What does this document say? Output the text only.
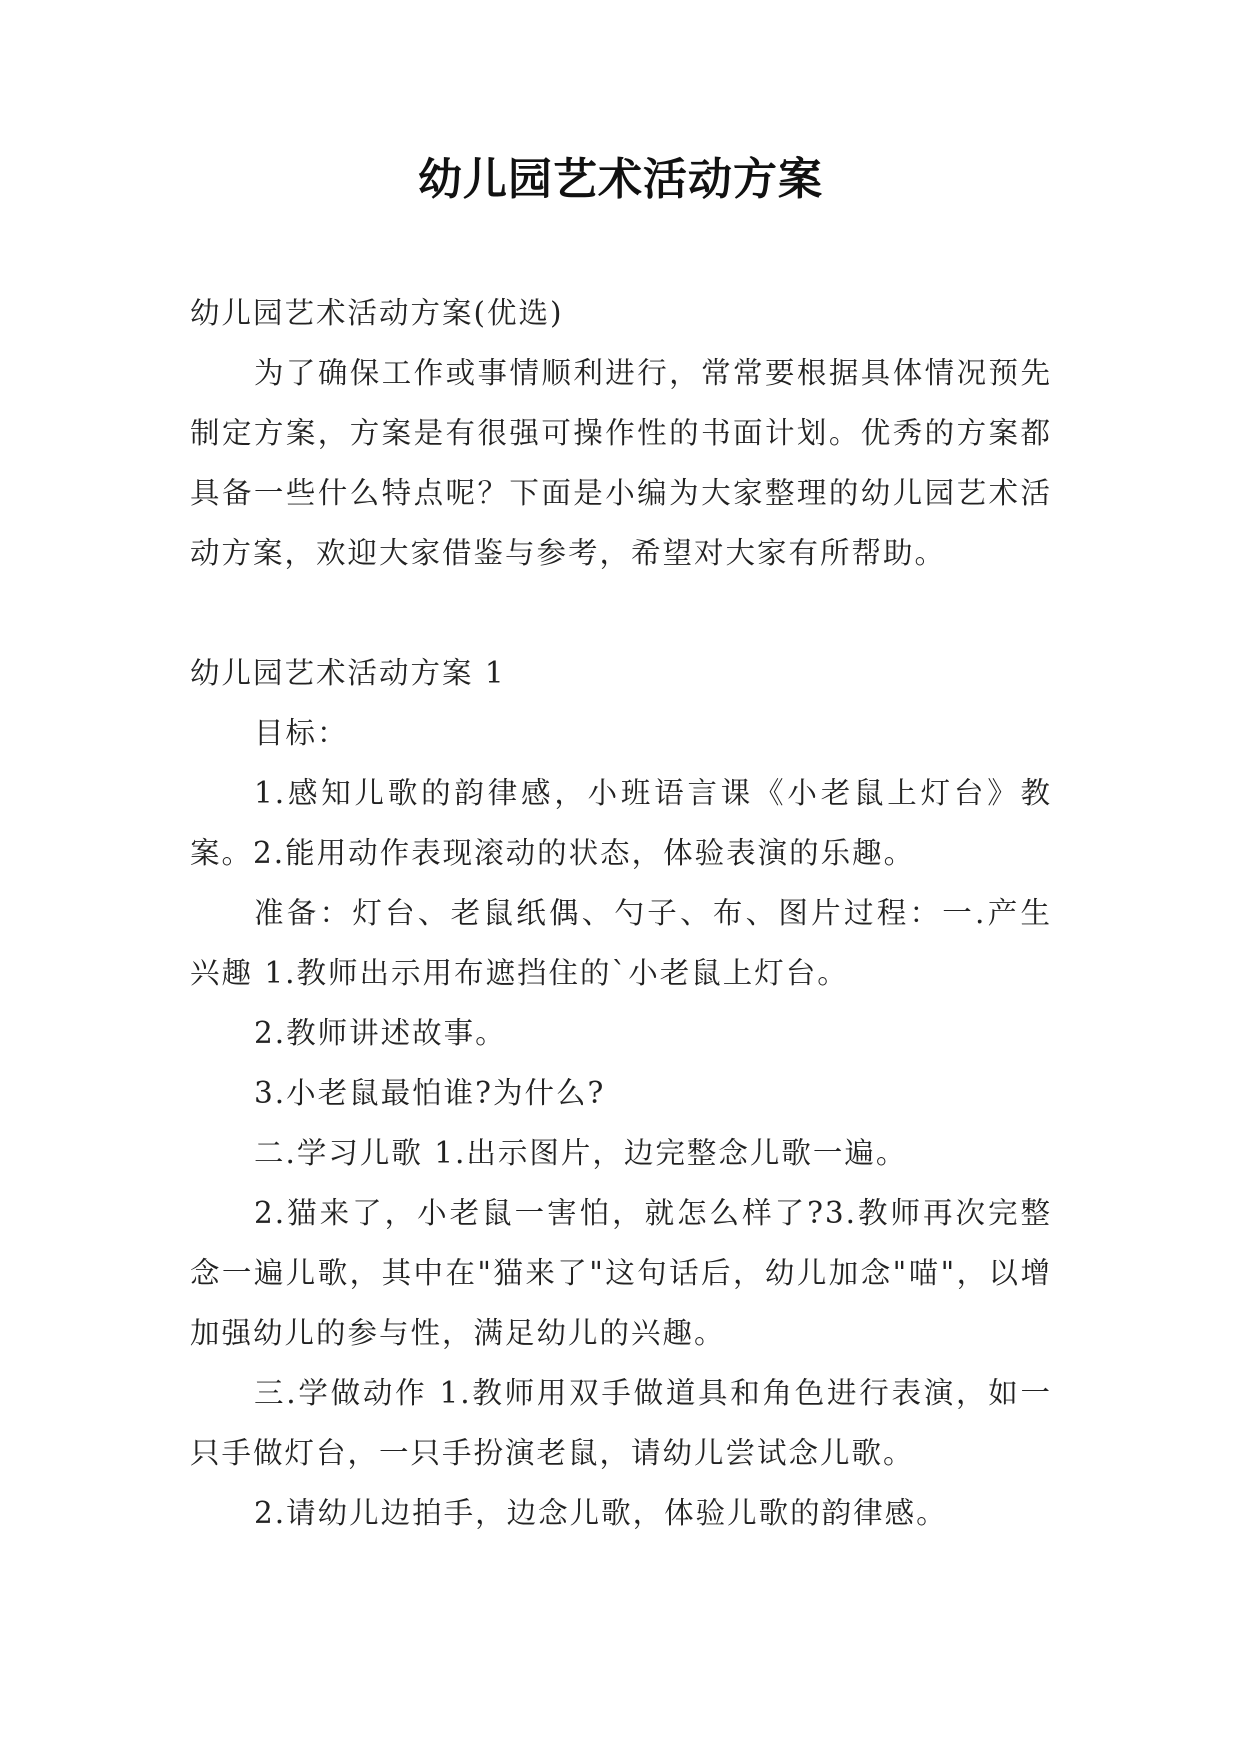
幼儿园艺术活动方案

幼儿园艺术活动方案(优选)

为了确保工作或事情顺利进行，常常要根据具体情况预先制定方案，方案是有很强可操作性的书面计划。优秀的方案都具备一些什么特点呢？下面是小编为大家整理的幼儿园艺术活动方案，欢迎大家借鉴与参考，希望对大家有所帮助。

幼儿园艺术活动方案 1

目标：

1.感知儿歌的韵律感，小班语言课《小老鼠上灯台》教案。2.能用动作表现滚动的状态，体验表演的乐趣。

准备：灯台、老鼠纸偶、勺子、布、图片过程：一.产生兴趣 1.教师出示用布遮挡住的`小老鼠上灯台。

2.教师讲述故事。

3.小老鼠最怕谁?为什么?

二.学习儿歌 1.出示图片，边完整念儿歌一遍。

2.猫来了，小老鼠一害怕，就怎么样了?3.教师再次完整念一遍儿歌，其中在"猫来了"这句话后，幼儿加念"喵"，以增加强幼儿的参与性，满足幼儿的兴趣。

三.学做动作 1.教师用双手做道具和角色进行表演，如一只手做灯台，一只手扮演老鼠，请幼儿尝试念儿歌。

2.请幼儿边拍手，边念儿歌，体验儿歌的韵律感。
